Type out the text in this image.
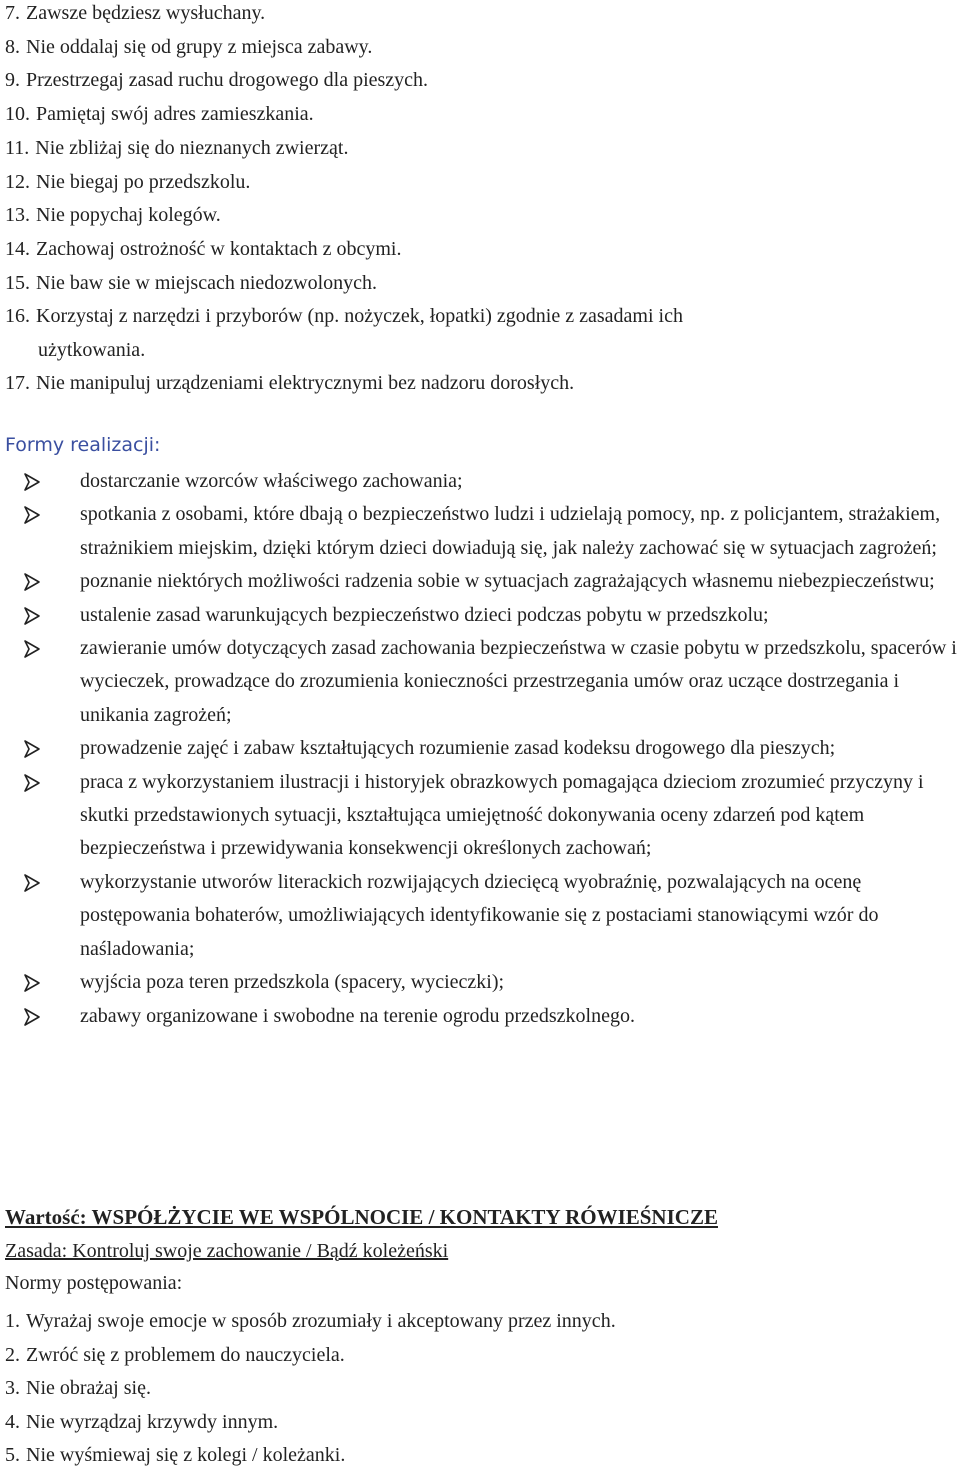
7. Zawsze będziesz wysłuchany.
8. Nie oddalaj się od grupy z miejsca zabawy.
9. Przestrzegaj zasad ruchu drogowego dla pieszych.
10. Pamiętaj swój adres zamieszkania.
11. Nie zbliżaj się do nieznanych zwierząt.
12. Nie biegaj po przedszkolu.
13. Nie popychaj kolegów.
14. Zachowaj ostrożność w kontaktach z obcymi.
15. Nie baw sie w miejscach niedozwolonych.
16. Korzystaj z narzędzi i przyborów (np. nożyczek, łopatki) zgodnie z zasadami ich
użytkowania.
17. Nie manipuluj urządzeniami elektrycznymi bez nadzoru dorosłych.
Formy realizacji:
dostarczanie wzorców właściwego zachowania;
spotkania z osobami, które dbają o bezpieczeństwo ludzi i udzielają pomocy, np. z policjantem, strażakiem, strażnikiem miejskim, dzięki którym dzieci dowiadują się, jak należy zachować się w sytuacjach zagrożeń;
poznanie niektórych możliwości radzenia sobie w sytuacjach zagrażających własnemu niebezpieczeństwu;
ustalenie zasad warunkujących bezpieczeństwo dzieci podczas pobytu w przedszkolu;
zawieranie umów dotyczących zasad zachowania bezpieczeństwa w czasie pobytu w przedszkolu, spacerów i wycieczek, prowadzące do zrozumienia konieczności przestrzegania umów oraz uczące dostrzegania i unikania zagrożeń;
prowadzenie zajęć i zabaw kształtujących rozumienie zasad kodeksu drogowego dla pieszych;
praca z wykorzystaniem ilustracji i historyjek obrazkowych pomagająca dzieciom zrozumieć przyczyny i skutki przedstawionych sytuacji, kształtująca umiejętność dokonywania oceny zdarzeń pod kątem bezpieczeństwa i przewidywania konsekwencji określonych zachowań;
wykorzystanie utworów literackich rozwijających dziecięcą wyobraźnię, pozwalających na ocenę postępowania bohaterów, umożliwiających identyfikowanie się z postaciami stanowiącymi wzór do naśladowania;
wyjścia poza teren przedszkola (spacery, wycieczki);
zabawy organizowane i swobodne na terenie ogrodu przedszkolnego.
Wartość: WSPÓŁŻYCIE WE WSPÓLNOCIE / KONTAKTY RÓWIEŚNICZE
Zasada: Kontroluj swoje zachowanie / Bądź koleżeński
Normy postępowania:
1. Wyrażaj swoje emocje w sposób zrozumiały i akceptowany przez innych.
2. Zwróć się z problemem do nauczyciela.
3. Nie obrażaj się.
4. Nie wyrządzaj krzywdy innym.
5. Nie wyśmiewaj się z kolegi / koleżanki.
